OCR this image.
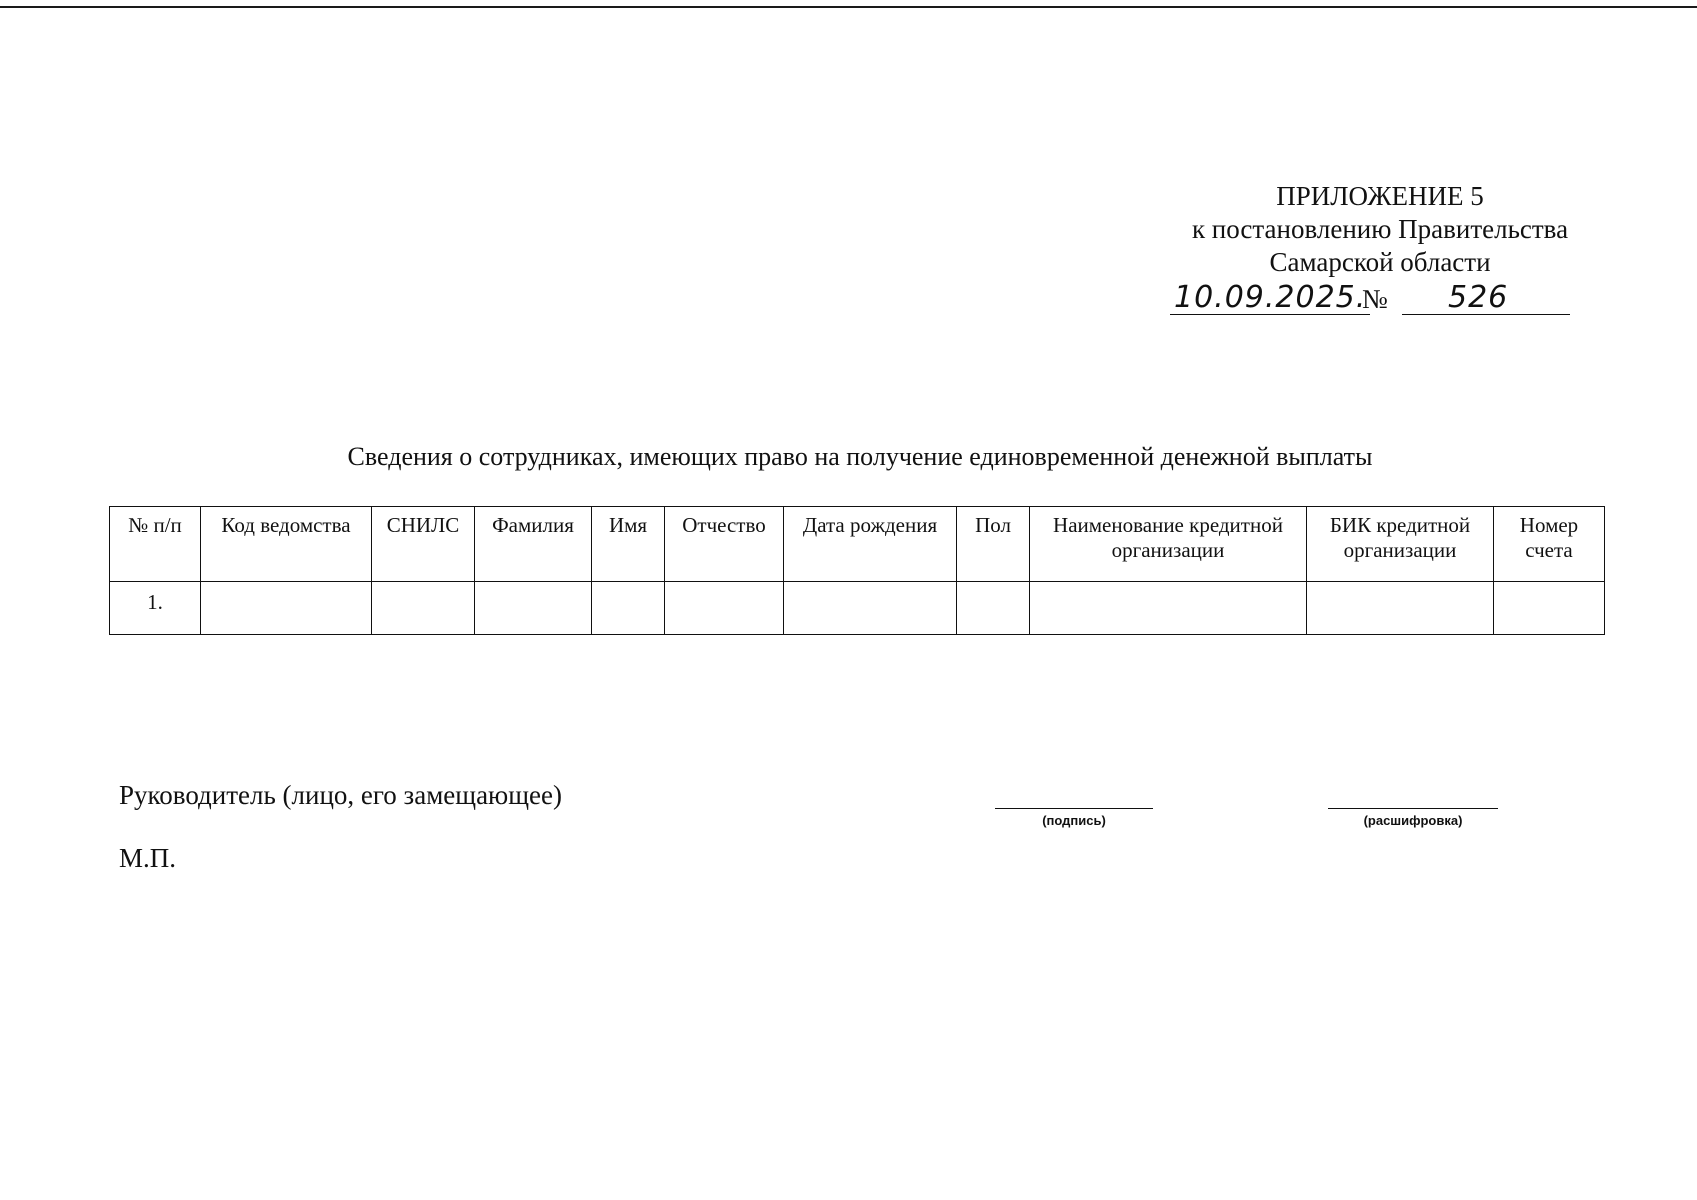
ПРИЛОЖЕНИЕ 5
к постановлению Правительства
Самарской области
10.09.2025.
№	526
Сведения о сотрудниках, имеющих право на получение единовременной денежной выплаты
№ п/п	Код ведомства	СНИЛС	Фамилия	Имя	Отчество	Дата рождения	Пол	Наименование кредитной организации	БИК кредитной организации	Номер счета
1.										
Руководитель (лицо, его замещающее)
М.П.
(подпись)	(расшифровка)
